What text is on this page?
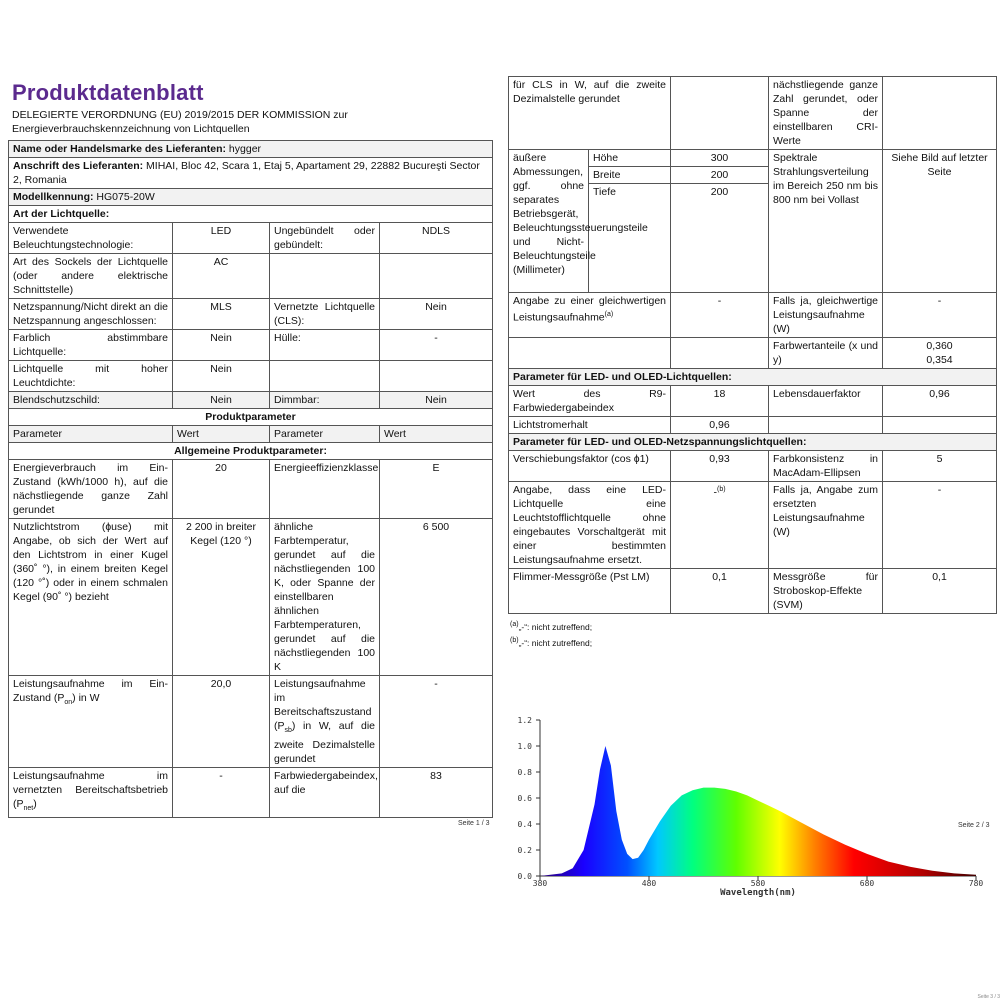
Produktdatenblatt
DELEGIERTE VERORDNUNG (EU) 2019/2015 DER KOMMISSION zur Energieverbrauchskennzeichnung von Lichtquellen
Name oder Handelsmarke des Lieferanten: hygger			
Anschrift des Lieferanten: MIHAI, Bloc 42, Scara 1, Etaj 5, Apartament 29, 22882 Bucureşti Sector 2, Romania			
Modellkennung: HG075-20W			
Art der Lichtquelle:			
Verwendete Beleuchtungstechnologie:	LED	Ungebündelt oder gebündelt:	NDLS
Art des Sockels der Lichtquelle (oder andere elektrische Schnittstelle)	AC		
Netzspannung/Nicht direkt an die Netzspannung angeschlossen:	MLS	Vernetzte Lichtquelle (CLS):	Nein
Farblich abstimmbare Lichtquelle:	Nein	Hülle:	-
Lichtquelle mit hoher Leuchtdichte:	Nein		
Blendschutzschild:	Nein	Dimmbar:	Nein
Produktparameter			
Parameter	Wert	Parameter	Wert
Allgemeine Produktparameter:			
Energieverbrauch im Ein-Zustand (kWh/1000 h), auf die nächstliegende ganze Zahl gerundet	20	Energieeffizienzklasse	E
Nutzlichtstrom (ɸuse) mit Angabe, ob sich der Wert auf den Lichtstrom in einer Kugel (360˚ °), in einem breiten Kegel (120 °˚) oder in einem schmalen Kegel (90˚ °) bezieht	2 200 in breiter Kegel (120 °)	ähnliche Farbtemperatur, gerundet auf die nächstliegenden 100 K, oder Spanne der einstellbaren ähnlichen Farbtemperaturen, gerundet auf die nächstliegenden 100 K	6 500
Leistungsaufnahme im Ein-Zustand $(P_{on})$ in W	20,0	Leistungsaufnahme im Bereitschaftszustand $(P_{sb})$ in W, auf die zweite Dezimalstelle gerundet	-
Leistungsaufnahme im vernetzten Bereitschaftsbetrieb $(P_{net})$	-	Farbwiedergabeindex, auf die	83
Seite 1 / 3
für CLS in W, auf die zweite Dezimalstelle gerundet			nächstliegende ganze Zahl gerundet, oder Spanne der einstellbaren CRI-Werte	
äußere Abmessungen, ggf. ohne separates Betriebsgerät, Beleuchtungssteuerungsteile und Nicht-Beleuchtungsteile (Millimeter)	Höhe	300	Spektrale Strahlungsverteilung im Bereich 250 nm bis 800 nm bei Vollast	Siehe Bild auf letzter Seite
	Breite	200		
	Tiefe	200		
Angabe zu einer gleichwertigen Leistungsaufnahme$^{(a)}$		-	Falls ja, gleichwertige Leistungsaufnahme (W)	-
			Farbwertanteile (x und y)	0,360
0,354

Parameter für LED- und OLED-Lichtquellen:				
Wert des R9-Farbwiedergabeindex		18	Lebensdauerfaktor	0,96
Lichtstromerhalt		0,96		
Parameter für LED- und OLED-Netzspannungslichtquellen:				
Verschiebungsfaktor (cos ɸ1)		0,93	Farbkonsistenz in MacAdam-Ellipsen	5
Angabe, dass eine LED-Lichtquelle eine Leuchtstofflichtquelle ohne eingebautes Vorschaltgerät mit einer bestimmten Leistungsaufnahme ersetzt.		-$^{(b)}$	Falls ja, Angabe zum ersetzten Leistungsaufnahme (W)	-
Flimmer-Messgröße (Pst LM)		0,1	Messgröße für Stroboskop-Effekte (SVM)	0,1
$^{(a)}$„-“: nicht zutreffend;
$^{(b)}$„-“: nicht zutreffend;
Seite 2 / 3
0.0
0.2
0.4
0.6
0.8
1.0
1.2
380	480	580	680	780
Wavelength(nm)
Seite 3 / 3
